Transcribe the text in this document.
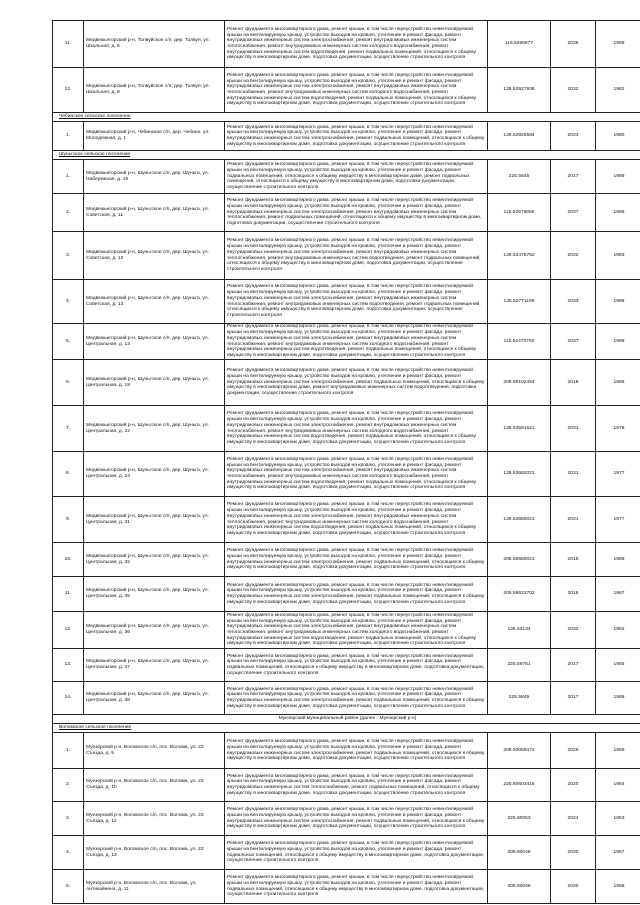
11.	Медвежьегорский р-н, Толвуйское с/п, дер. Толвуя, ул. Школьная, д. 6	Ремонт фундамента многоквартирного дома, ремонт крыши, в том числе переустройство невентилируемой крыши на вентилируемую крышу, устройство выходов на кровлю, утепление и ремонт фасада, ремонт внутридомовых инженерных систем электроснабжения, ремонт внутридомовых инженерных систем теплоснабжения, ремонт внутридомовых инженерных систем холодного водоснабжения, ремонт внутридомовых инженерных систем водоотведения, ремонт подвальных помещений, относящихся к общему имуществу в многоквартирном доме, подготовка документации, осуществление строительного контроля	115.5266877	2036	1968
12.	Медвежьегорский р-н, Толвуйское с/п, дер. Толвуя, ул. Школьная, д. 8	Ремонт фундамента многоквартирного дома, ремонт крыши, в том числе переустройство невентилируемой крыши на вентилируемую крышу, устройство выходов на кровлю, утепление и ремонт фасада, ремонт внутридомовых инженерных систем электроснабжения, ремонт внутридомовых инженерных систем теплоснабжения, ремонт внутридомовых инженерных систем холодного водоснабжения, ремонт внутридомовых инженерных систем водоотведения, ремонт подвальных помещений, относящихся к общему имуществу в многоквартирном доме, подготовка документации, осуществление строительного контроля	135.52927938	2032	1982
Чебинское сельское поселение					
1.	Медвежьегорский р-н, Чебинское с/п, дер. Чебино, ул. Молодежная, д. 1	Ремонт фундамента многоквартирного дома, ремонт крыши, в том числе переустройство невентилируемой крыши на вентилируемую крышу, устройство выходов на кровлю, утепление и ремонт фасада, ремонт внутридомовых инженерных систем электроснабжения, ремонт подвальных помещений, относящихся к общему имуществу в многоквартирном доме, подготовка документации, осуществление строительного контроля	135.52925584	2033	1980
Шуньгское сельское поселение					
1.	Медвежьегорский р-н, Шуньгское с/п, дер. Шуньга, ул. Набережная, д. 16	Ремонт фундамента многоквартирного дома, ремонт крыши, в том числе переустройство невентилируемой крыши на вентилируемую крышу, устройство выходов на кровлю, утепление и ремонт фасада, ремонт подвальных помещений, относящихся к общему имуществу в многоквартирном доме, ремонт подвальных помещений, относящихся к общему имуществу в многоквартирном доме, подготовка документации, осуществление строительного контроля	225.5845	2017	1988
2.	Медвежьегорский р-н, Шуньгское с/п, дер. Шуньга, ул. Советская, д. 11	Ремонт фундамента многоквартирного дома, ремонт крыши, в том числе переустройство невентилируемой крыши на вентилируемую крышу, устройство выходов на кровлю, утепление и ремонт фасада, ремонт внутридомовых инженерных систем электроснабжения, ремонт внутридомовых инженерных систем теплоснабжения, ремонт подвальных помещений, относящихся к общему имуществу в многоквартирном доме, подготовка документации, осуществление строительного контроля	115.52676856	2037	1986
3.	Медвежьегорский р-н, Шуньгское с/п, дер. Шуньга, ул. Советская, д. 12	Ремонт фундамента многоквартирного дома, ремонт крыши, в том числе переустройство невентилируемой крыши на вентилируемую крышу, устройство выходов на кровлю, утепление и ремонт фасада, ремонт внутридомовых инженерных систем электроснабжения, ремонт внутридомовых инженерных систем теплоснабжения, ремонт внутридомовых инженерных систем водоотведения, ремонт подвальных помещений, относящихся к общему имуществу в многоквартирном доме, подготовка документации, осуществление строительного контроля	135.53476752	2032	1983
4.	Медвежьегорский р-н, Шуньгское с/п, дер. Шуньга, ул. Советская, д. 13	Ремонт фундамента многоквартирного дома, ремонт крыши, в том числе переустройство невентилируемой крыши на вентилируемую крышу, устройство выходов на кровлю, утепление и ремонт фасада, ремонт внутридомовых инженерных систем электроснабжения, ремонт внутридомовых инженерных систем теплоснабжения, ремонт внутридомовых инженерных систем водоотведения, ремонт подвальных помещений, относящихся к общему имуществу в многоквартирном доме, подготовка документации, осуществление строительного контроля	135.52771195	2033	1986
5.	Медвежьегорский р-н, Шуньгское с/п, дер. Шуньга, ул. Центральная, д. 13	Ремонт фундамента многоквартирного дома, ремонт крыши, в том числе переустройство невентилируемой крыши на вентилируемую крышу, устройство выходов на кровлю, утепление и ремонт фасада, ремонт внутридомовых инженерных систем электроснабжения, ремонт внутридомовых инженерных систем теплоснабжения, ремонт внутридомовых инженерных систем холодного водоснабжения, ремонт внутридомовых инженерных систем водоотведения, ремонт подвальных помещений, относящихся к общему имуществу в многоквартирном доме, подготовка документации, осуществление строительного контроля	115.52470752	2037	1989
6.	Медвежьегорский р-н, Шуньгское с/п, дер. Шуньга, ул. Центральная, д. 19	Ремонт фундамента многоквартирного дома, ремонт крыши, в том числе переустройство невентилируемой крыши на вентилируемую крышу, устройство выходов на кровлю, утепление и ремонт фасада, ремонт внутридомовых инженерных систем электроснабжения, ремонт подвальных помещений, относящихся к общему имуществу в многоквартирном доме, ремонт внутридомовых инженерных систем водоотведения, подготовка документации, осуществление строительного контроля	205.59102454	2018	1985
7.	Медвежьегорский р-н, Шуньгское с/п, дер. Шуньга, ул. Центральная, д. 22	Ремонт фундамента многоквартирного дома, ремонт крыши, в том числе переустройство невентилируемой крыши на вентилируемую крышу, устройство выходов на кровлю, утепление и ремонт фасада, ремонт внутридомовых инженерных систем электроснабжения, ремонт внутридомовых инженерных систем теплоснабжения, ремонт внутридомовых инженерных систем холодного водоснабжения, ремонт внутридомовых инженерных систем водоотведения, ремонт подвальных помещений, относящихся к общему имуществу в многоквартирном доме, подготовка документации, осуществление строительного контроля	135.53591621	2031	1978
8.	Медвежьегорский р-н, Шуньгское с/п, дер. Шуньга, ул. Центральная, д. 24	Ремонт фундамента многоквартирного дома, ремонт крыши, в том числе переустройство невентилируемой крыши на вентилируемую крышу, устройство выходов на кровлю, утепление и ремонт фасада, ремонт внутридомовых инженерных систем электроснабжения, ремонт внутридомовых инженерных систем теплоснабжения, ремонт внутридомовых инженерных систем холодного водоснабжения, ремонт внутридомовых инженерных систем водоотведения, ремонт подвальных помещений, относящихся к общему имуществу в многоквартирном доме, подготовка документации, осуществление строительного контроля	135.53682021	2031	1977
9.	Медвежьегорский р-н, Шуньгское с/п, дер. Шуньга, ул. Центральная, д. 31	Ремонт фундамента многоквартирного дома, ремонт крыши, в том числе переустройство невентилируемой крыши на вентилируемую крышу, устройство выходов на кровлю, утепление и ремонт фасада, ремонт внутридомовых инженерных систем электроснабжения, ремонт внутридомовых инженерных систем теплоснабжения, ремонт внутридомовых инженерных систем холодного водоснабжения, ремонт внутридомовых инженерных систем водоотведения, ремонт подвальных помещений, относящихся к общему имуществу в многоквартирном доме, подготовка документации, осуществление строительного контроля	135.53680021	2031	1977
10.	Медвежьегорский р-н, Шуньгское с/п, дер. Шуньга, ул. Центральная, д. 32	Ремонт фундамента многоквартирного дома, ремонт крыши, в том числе переустройство невентилируемой крыши на вентилируемую крышу, устройство выходов на кровлю, утепление и ремонт фасада, ремонт внутридомовых инженерных систем электроснабжения, ремонт подвальных помещений, относящихся к общему имуществу в многоквартирном доме, подготовка документации, осуществление строительного контроля	205.56660021	2016	1988
11.	Медвежьегорский р-н, Шуньгское с/п, дер. Шуньга, ул. Центральная, д. 35	Ремонт фундамента многоквартирного дома, ремонт крыши, в том числе переустройство невентилируемой крыши на вентилируемую крышу, устройство выходов на кровлю, утепление и ремонт фасада, ремонт внутридомовых инженерных систем электроснабжения, ремонт подвальных помещений, относящихся к общему имуществу в многоквартирном доме, подготовка документации, осуществление строительного контроля	205.56622702	2016	1987
12.	Медвежьегорский р-н, Шуньгское с/п, дер. Шуньга, ул. Центральная, д. 36	Ремонт фундамента многоквартирного дома, ремонт крыши, в том числе переустройство невентилируемой крыши на вентилируемую крышу, устройство выходов на кровлю, утепление и ремонт фасада, ремонт внутридомовых инженерных систем электроснабжения, ремонт внутридомовых инженерных систем теплоснабжения, ремонт внутридомовых инженерных систем холодного водоснабжения, ремонт внутридомовых инженерных систем водоотведения, ремонт подвальных помещений, относящихся к общему имуществу в многоквартирном доме, подготовка документации, осуществление строительного контроля	135.53134	2032	1982
13.	Медвежьегорский р-н, Шуньгское с/п, дер. Шуньга, ул. Центральная, д. 37	Ремонт фундамента многоквартирного дома, ремонт крыши, в том числе переустройство невентилируемой крыши на вентилируемую крышу, устройство выходов на кровлю, утепление и ремонт фасада, ремонт подвальных помещений, относящихся к общему имуществу в многоквартирном доме, подготовка документации, осуществление строительного контроля	225.59751	2017	1965
14.	Медвежьегорский р-н, Шуньгское с/п, дер. Шуньга, ул. Центральная, д. 38	Ремонт фундамента многоквартирного дома, ремонт крыши, в том числе переустройство невентилируемой крыши на вентилируемую крышу, устройство выходов на кровлю, утепление и ремонт фасада, ремонт внутридомовых инженерных систем электроснабжения, ремонт подвальных помещений, относящихся к общему имуществу в многоквартирном доме, подготовка документации, осуществление строительного контроля	225.5845	2017	1986
Муезерский муниципальный район (далее - Муезерский р-н)					
Воломское сельское поселение					
1.	Муезерский р-н, Воломское с/п, пос. Волома, ул. 23 Съезда, д. 5	Ремонт фундамента многоквартирного дома, ремонт крыши, в том числе переустройство невентилируемой крыши на вентилируемую крышу, устройство выходов на кровлю, утепление и ремонт фасада, ремонт внутридомовых инженерных систем электроснабжения, ремонт подвальных помещений, относящихся к общему имуществу в многоквартирном доме, подготовка документации, осуществление строительного контроля	205.60058472	2029	1969
2.	Муезерский р-н, Воломское с/п, пос. Волома, ул. 23 Съезда, д. 10	Ремонт фундамента многоквартирного дома, ремонт крыши, в том числе переустройство невентилируемой крыши на вентилируемую крышу, устройство выходов на кровлю, утепление и ремонт фасада, ремонт внутридомовых инженерных систем теплоснабжения, ремонт подвальных помещений, относящихся к общему имуществу в многоквартирном доме, подготовка документации, осуществление строительного контроля	225.60603416	2020	1964
3.	Муезерский р-н, Воломское с/п, пос. Волома, ул. 23 Съезда, д. 12	Ремонт фундамента многоквартирного дома, ремонт крыши, в том числе переустройство невентилируемой крыши на вентилируемую крышу, устройство выходов на кровлю, утепление и ремонт фасада, ремонт внутридомовых инженерных систем электроснабжения, ремонт подвальных помещений, относящихся к общему имуществу в многоквартирном доме, подготовка документации, осуществление строительного контроля	225.60053	2024	1963
4.	Муезерский р-н, Воломское с/п, пос. Волома, ул. 23 Съезда, д. 13	Ремонт фундамента многоквартирного дома, ремонт крыши, в том числе переустройство невентилируемой крыши на вентилируемую крышу, устройство выходов на кровлю, утепление и ремонт фасада, ремонт подвальных помещений, относящихся к общему имуществу в многоквартирном доме, подготовка документации, осуществление строительного контроля	205.60048	2030	1967
5.	Муезерский р-н, Воломское с/п, пос. Волома, ул. Антикайнена, д. 11	Ремонт фундамента многоквартирного дома, ремонт крыши, в том числе переустройство невентилируемой крыши на вентилируемую крышу, устройство выходов на кровлю, утепление и ремонт фасада, ремонт подвальных помещений, относящихся к общему имуществу в многоквартирном доме, подготовка документации, осуществление строительного контроля	205.60048	2030	1968
